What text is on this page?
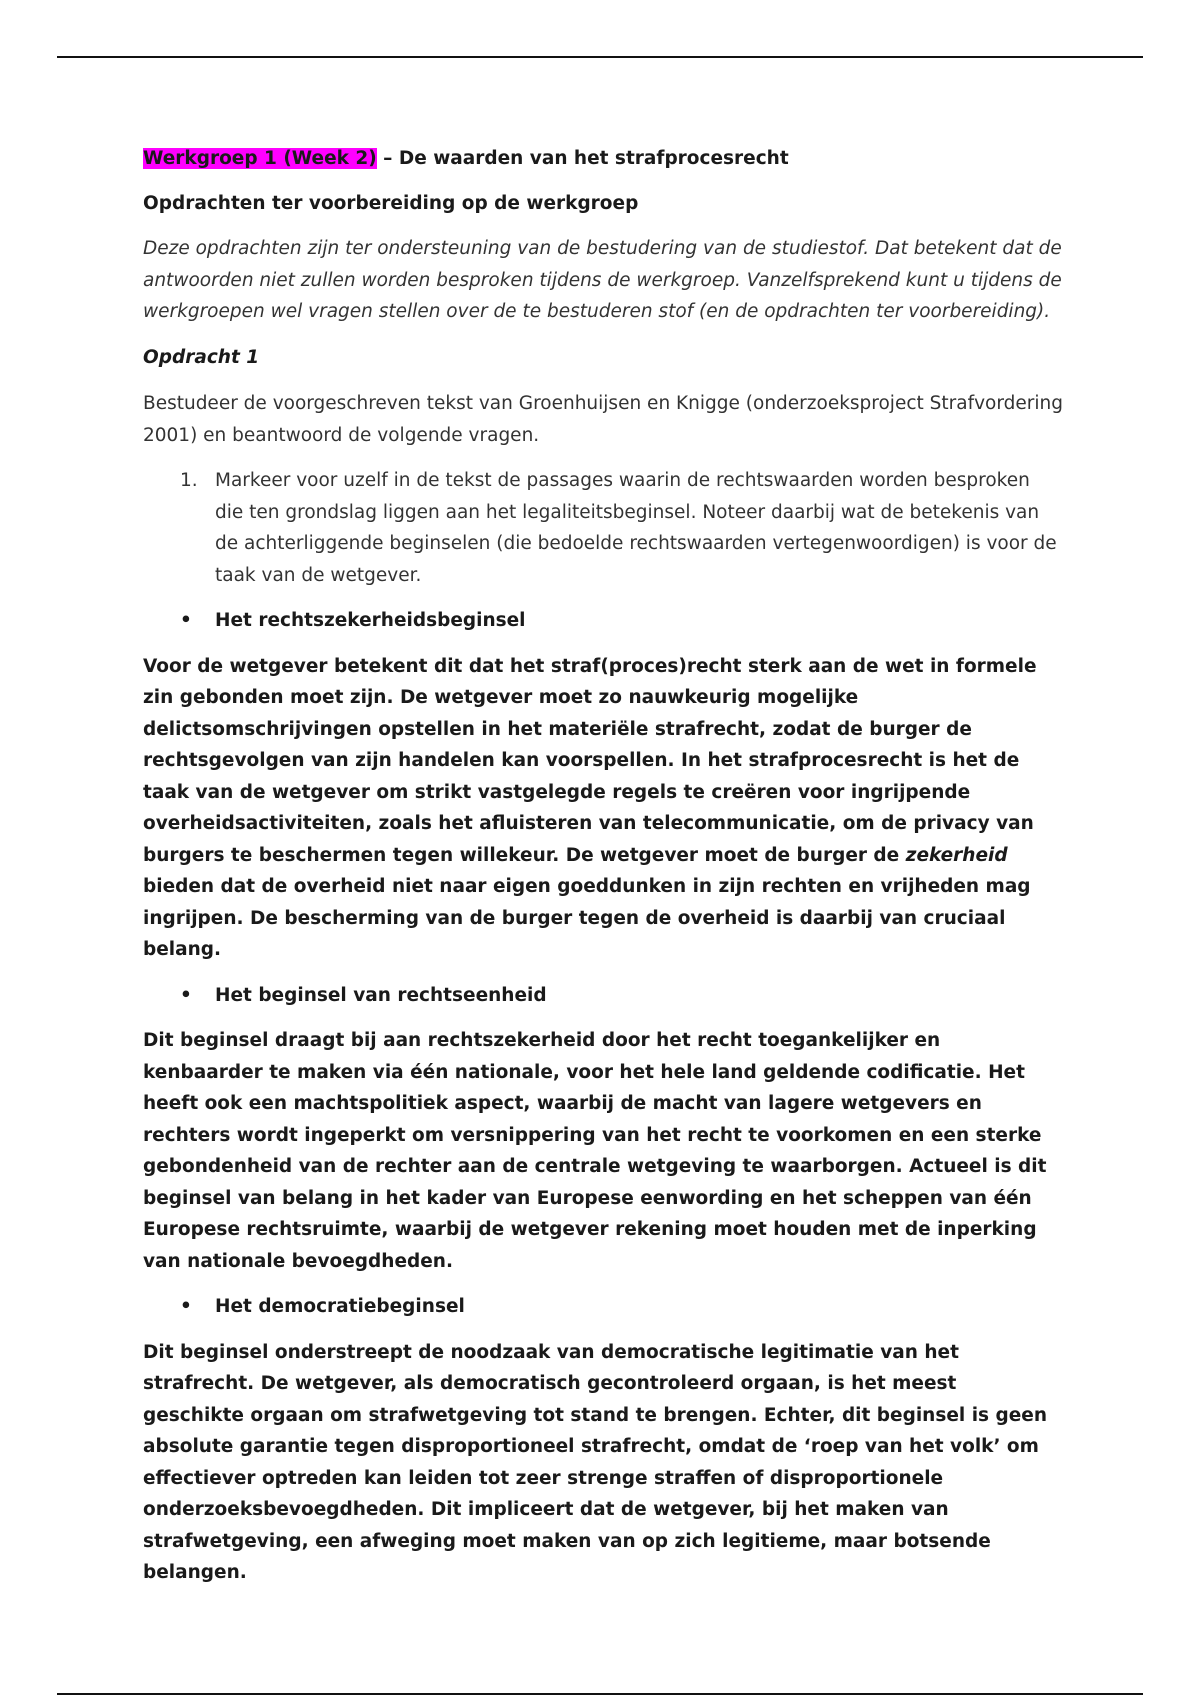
Werkgroep 1 (Week 2) – De waarden van het strafprocesrecht

Opdrachten ter voorbereiding op de werkgroep

Deze opdrachten zijn ter ondersteuning van de bestudering van de studiestof. Dat betekent dat de antwoorden niet zullen worden besproken tijdens de werkgroep. Vanzelfsprekend kunt u tijdens de werkgroepen wel vragen stellen over de te bestuderen stof (en de opdrachten ter voorbereiding).

Opdracht 1

Bestudeer de voorgeschreven tekst van Groenhuijsen en Knigge (onderzoeksproject Strafvordering 2001) en beantwoord de volgende vragen.

1. Markeer voor uzelf in de tekst de passages waarin de rechtswaarden worden besproken die ten grondslag liggen aan het legaliteitsbeginsel. Noteer daarbij wat de betekenis van de achterliggende beginselen (die bedoelde rechtswaarden vertegenwoordigen) is voor de taak van de wetgever.
•	Het rechtszekerheidsbeginsel

Voor de wetgever betekent dit dat het straf(proces)recht sterk aan de wet in formele zin gebonden moet zijn. De wetgever moet zo nauwkeurig mogelijke delictsomschrijvingen opstellen in het materiële strafrecht, zodat de burger de rechtsgevolgen van zijn handelen kan voorspellen. In het strafprocesrecht is het de taak van de wetgever om strikt vastgelegde regels te creëren voor ingrijpende overheidsactiviteiten, zoals het afluisteren van telecommunicatie, om de privacy van burgers te beschermen tegen willekeur. De wetgever moet de burger de zekerheid bieden dat de overheid niet naar eigen goeddunken in zijn rechten en vrijheden mag ingrijpen. De bescherming van de burger tegen de overheid is daarbij van cruciaal belang.

•	Het beginsel van rechtseenheid

Dit beginsel draagt bij aan rechtszekerheid door het recht toegankelijker en kenbaarder te maken via één nationale, voor het hele land geldende codificatie. Het heeft ook een machtspolitiek aspect, waarbij de macht van lagere wetgevers en rechters wordt ingeperkt om versnippering van het recht te voorkomen en een sterke gebondenheid van de rechter aan de centrale wetgeving te waarborgen. Actueel is dit beginsel van belang in het kader van Europese eenwording en het scheppen van één Europese rechtsruimte, waarbij de wetgever rekening moet houden met de inperking van nationale bevoegdheden.

•	Het democratiebeginsel

Dit beginsel onderstreept de noodzaak van democratische legitimatie van het strafrecht. De wetgever, als democratisch gecontroleerd orgaan, is het meest geschikte orgaan om strafwetgeving tot stand te brengen. Echter, dit beginsel is geen absolute garantie tegen disproportioneel strafrecht, omdat de ‘roep van het volk’ om effectiever optreden kan leiden tot zeer strenge straffen of disproportionele onderzoeksbevoegdheden. Dit impliceert dat de wetgever, bij het maken van strafwetgeving, een afweging moet maken van op zich legitieme, maar botsende belangen.
